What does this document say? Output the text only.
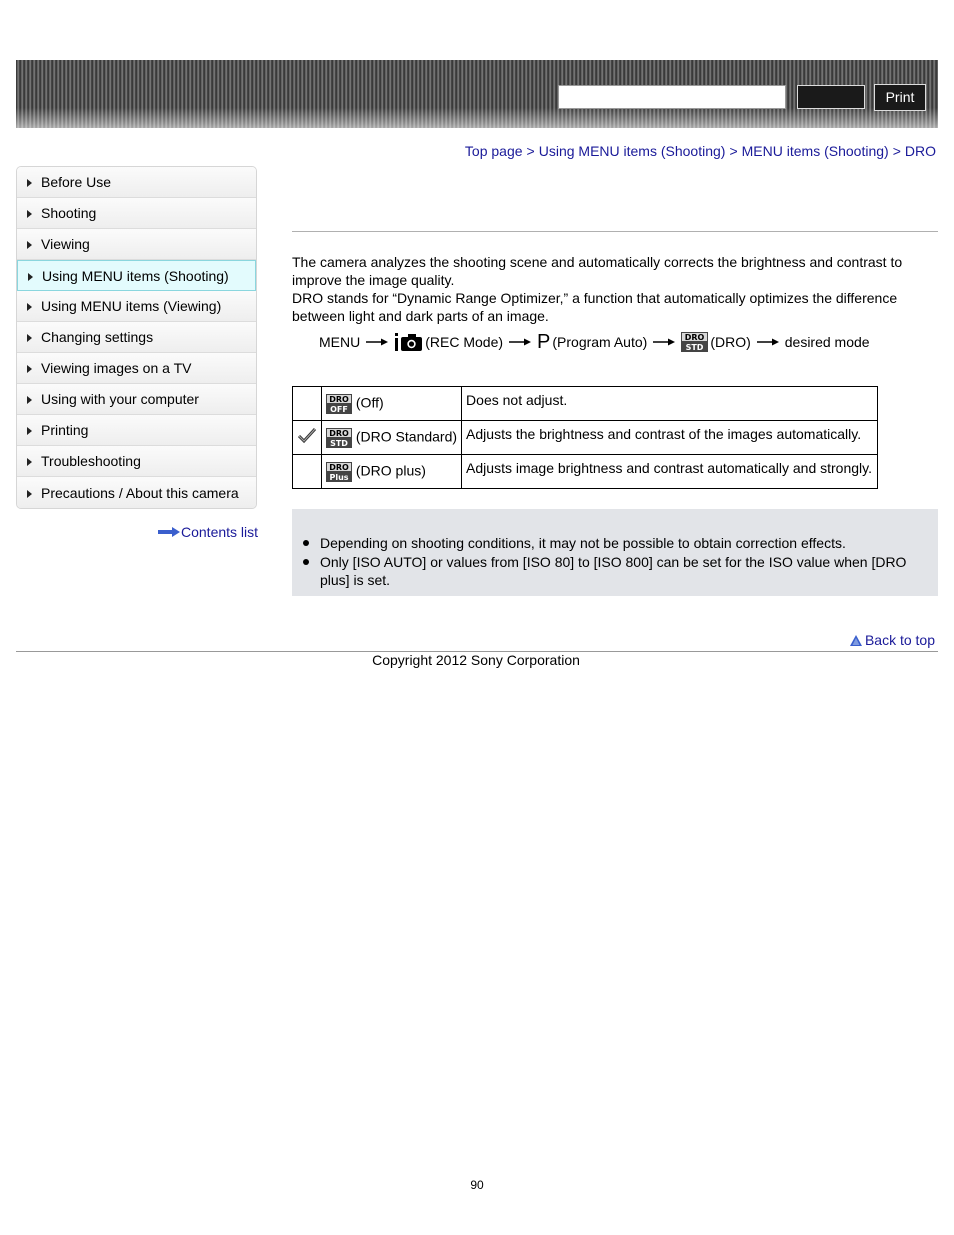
Print
Top page > Using MENU items (Shooting) > MENU items (Shooting) > DRO
Before Use
Shooting
Viewing
Using MENU items (Shooting)
Using MENU items (Viewing)
Changing settings
Viewing images on a TV
Using with your computer
Printing
Troubleshooting
Precautions / About this camera
Contents list

The camera analyzes the shooting scene and automatically corrects the brightness and contrast to improve the image quality.

DRO stands for “Dynamic Range Optimizer,” a function that automatically optimizes the difference between light and dark parts of an image.

MENU	(REC Mode) P (Program Auto)	DRO
STD (DRO) desired mode

DRO
OFF (Off)	Does not adjust.

DRO
STD (DRO Standard)	Adjusts the brightness and contrast of the images automatically.

DRO
Plus (DRO plus)	Adjusts image brightness and contrast automatically and strongly.
Depending on shooting conditions, it may not be possible to obtain correction effects.
Only [ISO AUTO] or values from [ISO 80] to [ISO 800] can be set for the ISO value when [DRO plus] is set.
Back to top
Copyright 2012 Sony Corporation
90
